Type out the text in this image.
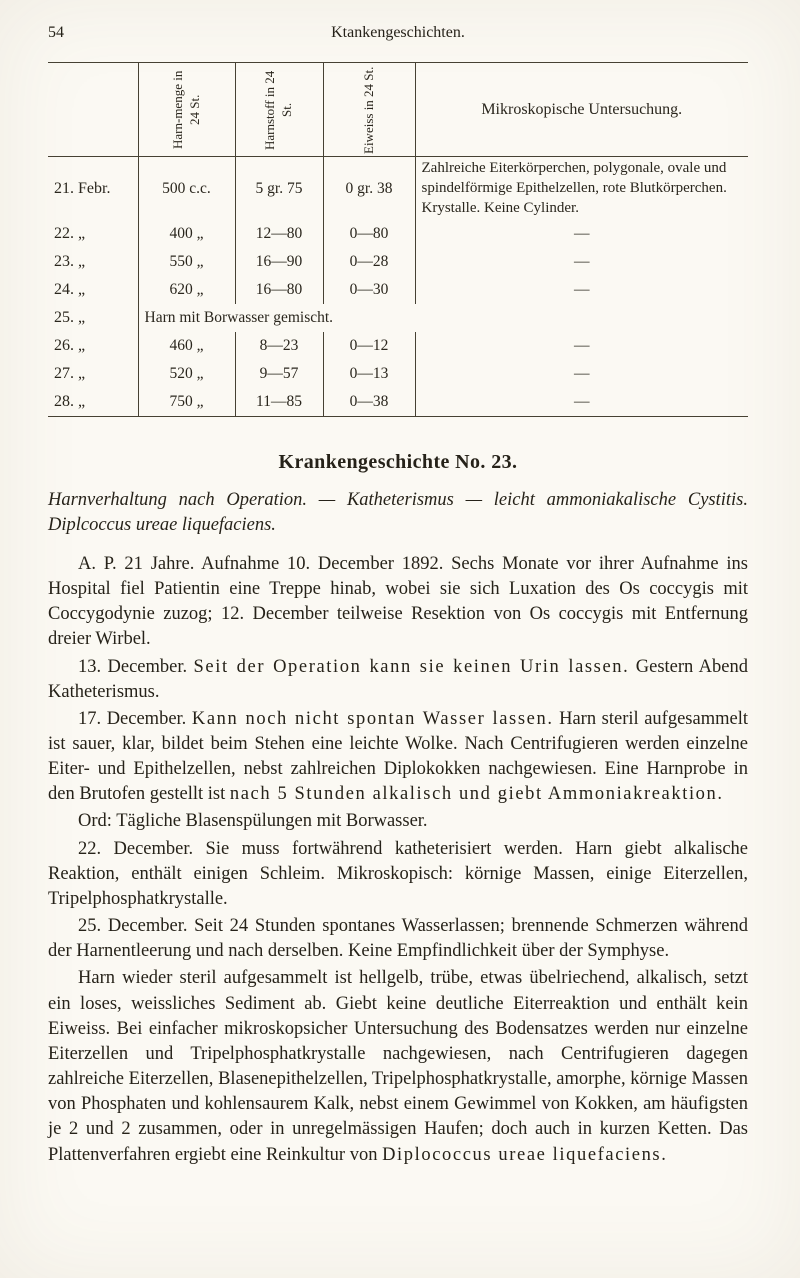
54	Ktankengeschichten.

	Harn-menge in 24 St.	Harnstoff in 24 St.	Eiweiss in 24 St.	Mikroskopische Untersuchung.
21. Febr.	500 c.c.	5 gr. 75	0 gr. 38	Zahlreiche Eiterkörperchen, polygonale, ovale und spindelförmige Epithelzellen, rote Blutkörperchen. Krystalle. Keine Cylinder.
22. „	400 „	12—80	0—80	—
23. „	550 „	16—90	0—28	—
24. „	620 „	16—80	0—30	—
25. „	Harn mit Borwasser gemischt.			
26. „	460 „	8—23	0—12	—
27. „	520 „	9—57	0—13	—
28. „	750 „	11—85	0—38	—
Krankengeschichte No. 23.

Harnverhaltung nach Operation. — Katheterismus — leicht ammoniakalische Cystitis. Diplcoccus ureae liquefaciens.

A. P. 21 Jahre. Aufnahme 10. December 1892. Sechs Monate vor ihrer Aufnahme ins Hospital fiel Patientin eine Treppe hinab, wobei sie sich Luxation des Os coccygis mit Coccygodynie zuzog; 12. December teilweise Resektion von Os coccygis mit Entfernung dreier Wirbel.

13. December. Seit der Operation kann sie keinen Urin lassen. Gestern Abend Katheterismus.

17. December. Kann noch nicht spontan Wasser lassen. Harn steril aufgesammelt ist sauer, klar, bildet beim Stehen eine leichte Wolke. Nach Centrifugieren werden einzelne Eiter- und Epithelzellen, nebst zahlreichen Diplokokken nachgewiesen. Eine Harnprobe in den Brutofen gestellt ist nach 5 Stunden alkalisch und giebt Ammoniakreaktion.

Ord: Tägliche Blasenspülungen mit Borwasser.

22. December. Sie muss fortwährend katheterisiert werden. Harn giebt alkalische Reaktion, enthält einigen Schleim. Mikroskopisch: körnige Massen, einige Eiterzellen, Tripelphosphatkrystalle.

25. December. Seit 24 Stunden spontanes Wasserlassen; brennende Schmerzen während der Harnentleerung und nach derselben. Keine Empfindlichkeit über der Symphyse.

Harn wieder steril aufgesammelt ist hellgelb, trübe, etwas übelriechend, alkalisch, setzt ein loses, weissliches Sediment ab. Giebt keine deutliche Eiterreaktion und enthält kein Eiweiss. Bei einfacher mikroskopsicher Untersuchung des Bodensatzes werden nur einzelne Eiterzellen und Tripelphosphatkrystalle nachgewiesen, nach Centrifugieren dagegen zahlreiche Eiterzellen, Blasenepithelzellen, Tripelphosphatkrystalle, amorphe, körnige Massen von Phosphaten und kohlensaurem Kalk, nebst einem Gewimmel von Kokken, am häufigsten je 2 und 2 zusammen, oder in unregelmässigen Haufen; doch auch in kurzen Ketten. Das Plattenverfahren ergiebt eine Reinkultur von Diplococcus ureae liquefaciens.
